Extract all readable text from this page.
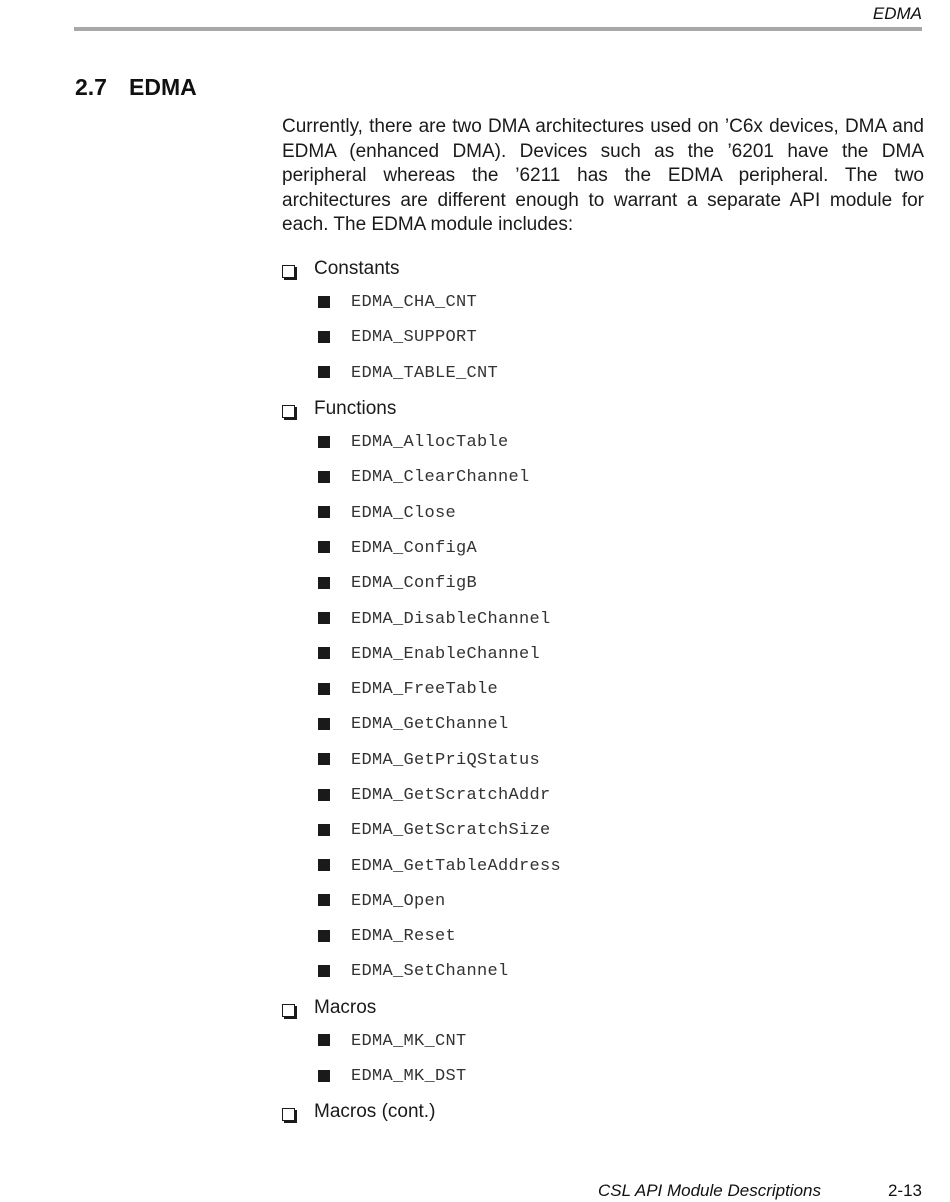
EDMA
2.7 EDMA

Currently, there are two DMA architectures used on ’C6x devices, DMA and EDMA (enhanced DMA). Devices such as the ’6201 have the DMA peripheral whereas the ’6211 has the EDMA peripheral. The two architectures are different enough to warrant a separate API module for each. The EDMA module includes:

Constants
EDMA_CHA_CNT
EDMA_SUPPORT
EDMA_TABLE_CNT
Functions
EDMA_AllocTable
EDMA_ClearChannel
EDMA_Close
EDMA_ConfigA
EDMA_ConfigB
EDMA_DisableChannel
EDMA_EnableChannel
EDMA_FreeTable
EDMA_GetChannel
EDMA_GetPriQStatus
EDMA_GetScratchAddr
EDMA_GetScratchSize
EDMA_GetTableAddress
EDMA_Open
EDMA_Reset
EDMA_SetChannel
Macros
EDMA_MK_CNT
EDMA_MK_DST
Macros (cont.)
CSL API Module Descriptions	2-13
